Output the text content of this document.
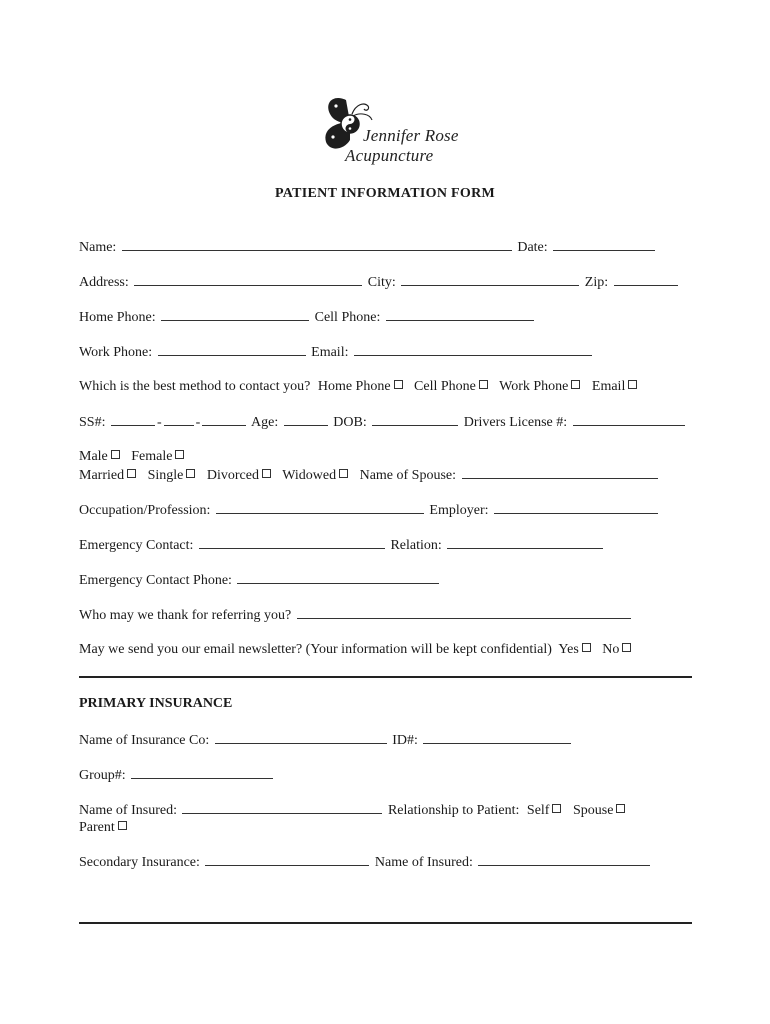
Jennifer Rose
Acupuncture
PATIENT INFORMATION FORM
Name:	Date:
Address:	City:	Zip:
Home Phone:	Cell Phone:
Work Phone:	Email:
Which is the best method to contact you? Home Phone Cell Phone Work Phone Email
SS#:	- -	Age:	DOB:	Drivers License #:
Male Female
Married Single Divorced Widowed Name of Spouse:
Occupation/Profession:	Employer:
Emergency Contact:	Relation:
Emergency Contact Phone:
Who may we thank for referring you?
May we send you our email newsletter? (Your information will be kept confidential) Yes No
PRIMARY INSURANCE
Name of Insurance Co:	ID#:
Group#:
Name of Insured:	Relationship to Patient: Self Spouse
Parent
Secondary Insurance:	Name of Insured:
